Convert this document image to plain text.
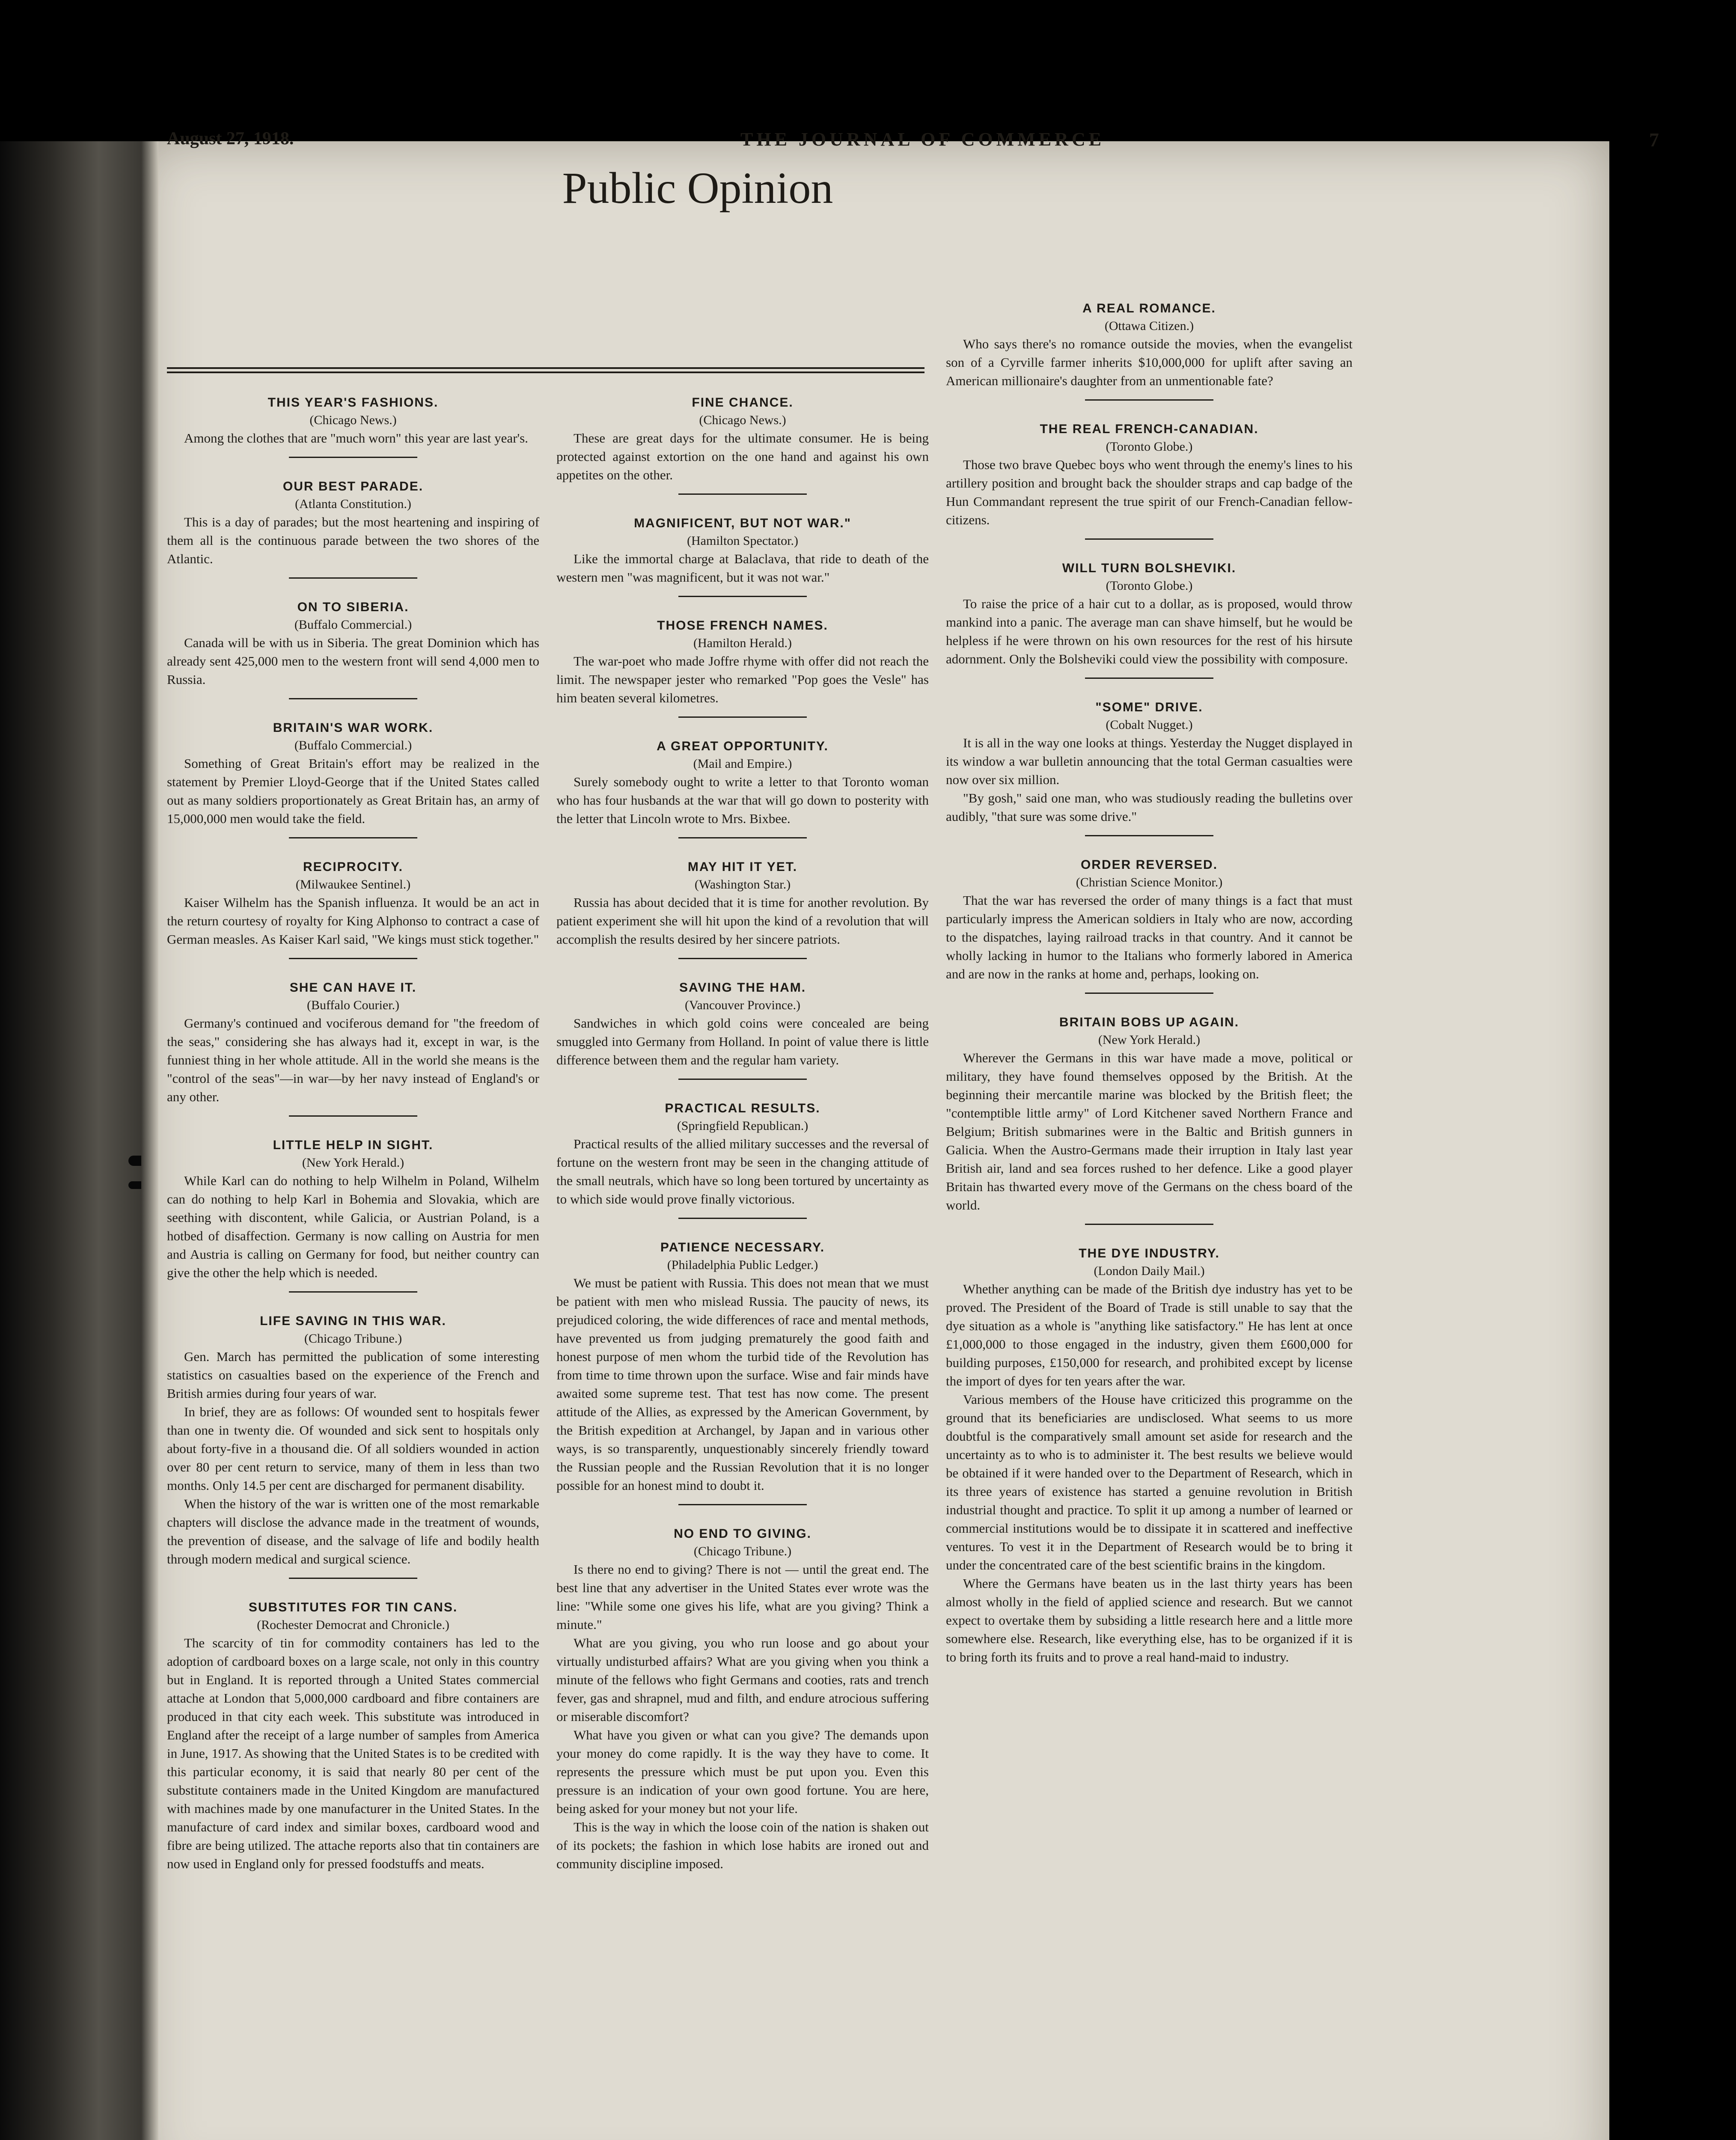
August 27, 1918.	THE JOURNAL OF COMMERCE	7
Public Opinion
THIS YEAR'S FASHIONS.
(Chicago News.)

Among the clothes that are "much worn" this year are last year's.

OUR BEST PARADE.
(Atlanta Constitution.)

This is a day of parades; but the most heartening and inspiring of them all is the continuous parade between the two shores of the Atlantic.

ON TO SIBERIA.
(Buffalo Commercial.)

Canada will be with us in Siberia. The great Dominion which has already sent 425,000 men to the western front will send 4,000 men to Russia.

BRITAIN'S WAR WORK.
(Buffalo Commercial.)

Something of Great Britain's effort may be realized in the statement by Premier Lloyd-George that if the United States called out as many soldiers proportionately as Great Britain has, an army of 15,000,000 men would take the field.

RECIPROCITY.
(Milwaukee Sentinel.)

Kaiser Wilhelm has the Spanish influenza. It would be an act in the return courtesy of royalty for King Alphonso to contract a case of German measles. As Kaiser Karl said, "We kings must stick together."

SHE CAN HAVE IT.
(Buffalo Courier.)

Germany's continued and vociferous demand for "the freedom of the seas," considering she has always had it, except in war, is the funniest thing in her whole attitude. All in the world she means is the "control of the seas"—in war—by her navy instead of England's or any other.

LITTLE HELP IN SIGHT.
(New York Herald.)

While Karl can do nothing to help Wilhelm in Poland, Wilhelm can do nothing to help Karl in Bohemia and Slovakia, which are seething with discontent, while Galicia, or Austrian Poland, is a hotbed of disaffection. Germany is now calling on Austria for men and Austria is calling on Germany for food, but neither country can give the other the help which is needed.

LIFE SAVING IN THIS WAR.
(Chicago Tribune.)

Gen. March has permitted the publication of some interesting statistics on casualties based on the experience of the French and British armies during four years of war.

In brief, they are as follows: Of wounded sent to hospitals fewer than one in twenty die. Of wounded and sick sent to hospitals only about forty-five in a thousand die. Of all soldiers wounded in action over 80 per cent return to service, many of them in less than two months. Only 14.5 per cent are discharged for permanent disability.

When the history of the war is written one of the most remarkable chapters will disclose the advance made in the treatment of wounds, the prevention of disease, and the salvage of life and bodily health through modern medical and surgical science.

SUBSTITUTES FOR TIN CANS.
(Rochester Democrat and Chronicle.)

The scarcity of tin for commodity containers has led to the adoption of cardboard boxes on a large scale, not only in this country but in England. It is reported through a United States commercial attache at London that 5,000,000 cardboard and fibre containers are produced in that city each week. This substitute was introduced in England after the receipt of a large number of samples from America in June, 1917. As showing that the United States is to be credited with this particular economy, it is said that nearly 80 per cent of the substitute containers made in the United Kingdom are manufactured with machines made by one manufacturer in the United States. In the manufacture of card index and similar boxes, cardboard wood and fibre are being utilized. The attache reports also that tin containers are now used in England only for pressed foodstuffs and meats.

FINE CHANCE.
(Chicago News.)

These are great days for the ultimate consumer. He is being protected against extortion on the one hand and against his own appetites on the other.

MAGNIFICENT, BUT NOT WAR."
(Hamilton Spectator.)

Like the immortal charge at Balaclava, that ride to death of the western men "was magnificent, but it was not war."

THOSE FRENCH NAMES.
(Hamilton Herald.)

The war-poet who made Joffre rhyme with offer did not reach the limit. The newspaper jester who remarked "Pop goes the Vesle" has him beaten several kilometres.

A GREAT OPPORTUNITY.
(Mail and Empire.)

Surely somebody ought to write a letter to that Toronto woman who has four husbands at the war that will go down to posterity with the letter that Lincoln wrote to Mrs. Bixbee.

MAY HIT IT YET.
(Washington Star.)

Russia has about decided that it is time for another revolution. By patient experiment she will hit upon the kind of a revolution that will accomplish the results desired by her sincere patriots.

SAVING THE HAM.
(Vancouver Province.)

Sandwiches in which gold coins were concealed are being smuggled into Germany from Holland. In point of value there is little difference between them and the regular ham variety.

PRACTICAL RESULTS.
(Springfield Republican.)

Practical results of the allied military successes and the reversal of fortune on the western front may be seen in the changing attitude of the small neutrals, which have so long been tortured by uncertainty as to which side would prove finally victorious.

PATIENCE NECESSARY.
(Philadelphia Public Ledger.)

We must be patient with Russia. This does not mean that we must be patient with men who mislead Russia. The paucity of news, its prejudiced coloring, the wide differences of race and mental methods, have prevented us from judging prematurely the good faith and honest purpose of men whom the turbid tide of the Revolution has from time to time thrown upon the surface. Wise and fair minds have awaited some supreme test. That test has now come. The present attitude of the Allies, as expressed by the American Government, by the British expedition at Archangel, by Japan and in various other ways, is so transparently, unquestionably sincerely friendly toward the Russian people and the Russian Revolution that it is no longer possible for an honest mind to doubt it.

NO END TO GIVING.
(Chicago Tribune.)

Is there no end to giving? There is not — until the great end. The best line that any advertiser in the United States ever wrote was the line: "While some one gives his life, what are you giving? Think a minute."

What are you giving, you who run loose and go about your virtually undisturbed affairs? What are you giving when you think a minute of the fellows who fight Germans and cooties, rats and trench fever, gas and shrapnel, mud and filth, and endure atrocious suffering or miserable discomfort?

What have you given or what can you give? The demands upon your money do come rapidly. It is the way they have to come. It represents the pressure which must be put upon you. Even this pressure is an indication of your own good fortune. You are here, being asked for your money but not your life.

This is the way in which the loose coin of the nation is shaken out of its pockets; the fashion in which lose habits are ironed out and community discipline imposed.

A REAL ROMANCE.
(Ottawa Citizen.)

Who says there's no romance outside the movies, when the evangelist son of a Cyrville farmer inherits $10,000,000 for uplift after saving an American millionaire's daughter from an unmentionable fate?

THE REAL FRENCH-CANADIAN.
(Toronto Globe.)

Those two brave Quebec boys who went through the enemy's lines to his artillery position and brought back the shoulder straps and cap badge of the Hun Commandant represent the true spirit of our French-Canadian fellow-citizens.

WILL TURN BOLSHEVIKI.
(Toronto Globe.)

To raise the price of a hair cut to a dollar, as is proposed, would throw mankind into a panic. The average man can shave himself, but he would be helpless if he were thrown on his own resources for the rest of his hirsute adornment. Only the Bolsheviki could view the possibility with composure.

"SOME" DRIVE.
(Cobalt Nugget.)

It is all in the way one looks at things. Yesterday the Nugget displayed in its window a war bulletin announcing that the total German casualties were now over six million.

"By gosh," said one man, who was studiously reading the bulletins over audibly, "that sure was some drive."

ORDER REVERSED.
(Christian Science Monitor.)

That the war has reversed the order of many things is a fact that must particularly impress the American soldiers in Italy who are now, according to the dispatches, laying railroad tracks in that country. And it cannot be wholly lacking in humor to the Italians who formerly labored in America and are now in the ranks at home and, perhaps, looking on.

BRITAIN BOBS UP AGAIN.
(New York Herald.)

Wherever the Germans in this war have made a move, political or military, they have found themselves opposed by the British. At the beginning their mercantile marine was blocked by the British fleet; the "contemptible little army" of Lord Kitchener saved Northern France and Belgium; British submarines were in the Baltic and British gunners in Galicia. When the Austro-Germans made their irruption in Italy last year British air, land and sea forces rushed to her defence. Like a good player Britain has thwarted every move of the Germans on the chess board of the world.

THE DYE INDUSTRY.
(London Daily Mail.)

Whether anything can be made of the British dye industry has yet to be proved. The President of the Board of Trade is still unable to say that the dye situation as a whole is "anything like satisfactory." He has lent at once £1,000,000 to those engaged in the industry, given them £600,000 for building purposes, £150,000 for research, and prohibited except by license the import of dyes for ten years after the war.

Various members of the House have criticized this programme on the ground that its beneficiaries are undisclosed. What seems to us more doubtful is the comparatively small amount set aside for research and the uncertainty as to who is to administer it. The best results we believe would be obtained if it were handed over to the Department of Research, which in its three years of existence has started a genuine revolution in British industrial thought and practice. To split it up among a number of learned or commercial institutions would be to dissipate it in scattered and ineffective ventures. To vest it in the Department of Research would be to bring it under the concentrated care of the best scientific brains in the kingdom.

Where the Germans have beaten us in the last thirty years has been almost wholly in the field of applied science and research. But we cannot expect to overtake them by subsiding a little research here and a little more somewhere else. Research, like everything else, has to be organized if it is to bring forth its fruits and to prove a real hand-maid to industry.
